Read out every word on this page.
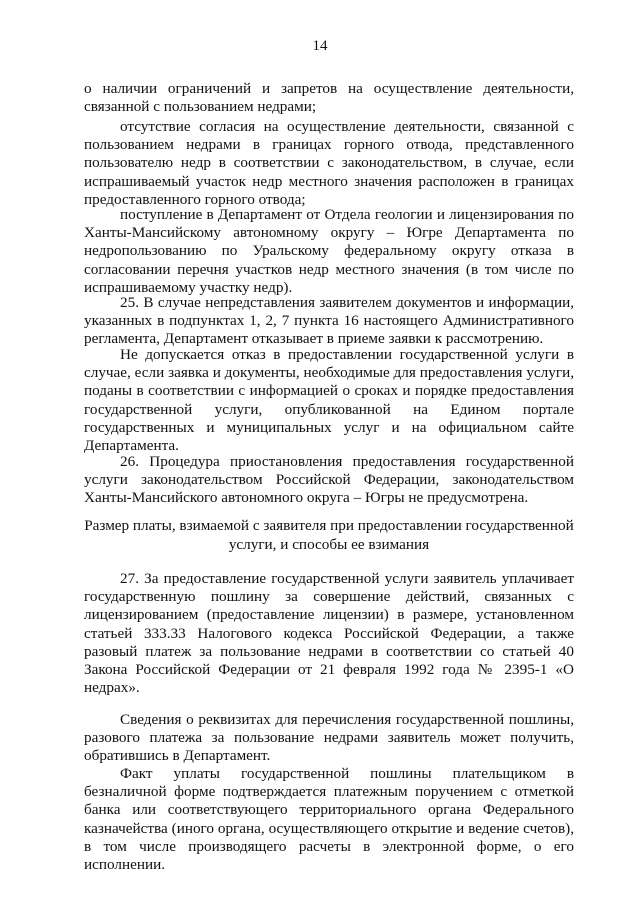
14

о наличии ограничений и запретов на осуществление деятельности, связанной с пользованием недрами;

отсутствие согласия на осуществление деятельности, связанной с пользованием недрами в границах горного отвода, представленного пользователю недр в соответствии с законодательством, в случае, если испрашиваемый участок недр местного значения расположен в границах предоставленного горного отвода;

поступление в Департамент от Отдела геологии и лицензирования по Ханты-Мансийскому автономному округу – Югре Департамента по недропользованию по Уральскому федеральному округу отказа в согласовании перечня участков недр местного значения (в том числе по испрашиваемому участку недр).

25. В случае непредставления заявителем документов и информации, указанных в подпунктах 1, 2, 7 пункта 16 настоящего Административного регламента, Департамент отказывает в приеме заявки к рассмотрению.

Не допускается отказ в предоставлении государственной услуги в случае, если заявка и документы, необходимые для предоставления услуги, поданы в соответствии с информацией о сроках и порядке предоставления государственной услуги, опубликованной на Едином портале государственных и муниципальных услуг и на официальном сайте Департамента.

26. Процедура приостановления предоставления государственной услуги законодательством Российской Федерации, законодательством Ханты-Мансийского автономного округа – Югры не предусмотрена.

Размер платы, взимаемой с заявителя при предоставлении государственной услуги, и способы ее взимания

27. За предоставление государственной услуги заявитель уплачивает государственную пошлину за совершение действий, связанных с лицензированием (предоставление лицензии) в размере, установленном статьей 333.33 Налогового кодекса Российской Федерации, а также разовый платеж за пользование недрами в соответствии со статьей 40 Закона Российской Федерации от 21 февраля 1992 года № 2395-1 «О недрах».

Сведения о реквизитах для перечисления государственной пошлины, разового платежа за пользование недрами заявитель может получить, обратившись в Департамент.

Факт уплаты государственной пошлины плательщиком в безналичной форме подтверждается платежным поручением с отметкой банка или соответствующего территориального органа Федерального казначейства (иного органа, осуществляющего открытие и ведение счетов), в том числе производящего расчеты в электронной форме, о его исполнении.
